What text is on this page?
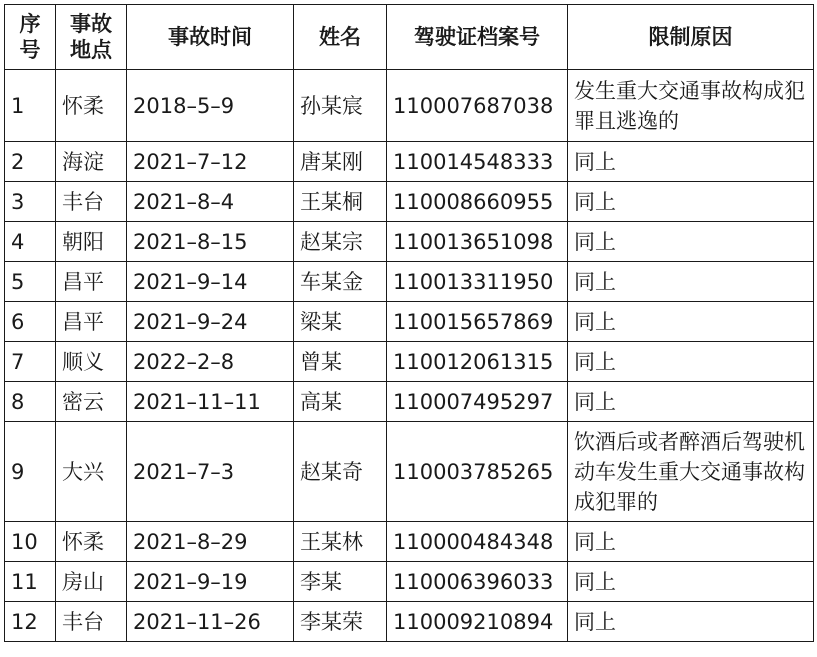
序号	事故地点	事故时间	姓名	驾驶证档案号	限制原因
1	怀柔	2018–5–9	孙某宸	110007687038	发生重大交通事故构成犯罪且逃逸的
2	海淀	2021–7–12	唐某刚	110014548333	同上
3	丰台	2021–8–4	王某桐	110008660955	同上
4	朝阳	2021–8–15	赵某宗	110013651098	同上
5	昌平	2021–9–14	车某金	110013311950	同上
6	昌平	2021–9–24	梁某	110015657869	同上
7	顺义	2022–2–8	曾某	110012061315	同上
8	密云	2021–11–11	高某	110007495297	同上
9	大兴	2021–7–3	赵某奇	110003785265	饮酒后或者醉酒后驾驶机动车发生重大交通事故构成犯罪的
10	怀柔	2021–8–29	王某林	110000484348	同上
11	房山	2021–9–19	李某	110006396033	同上
12	丰台	2021–11–26	李某荣	110009210894	同上
